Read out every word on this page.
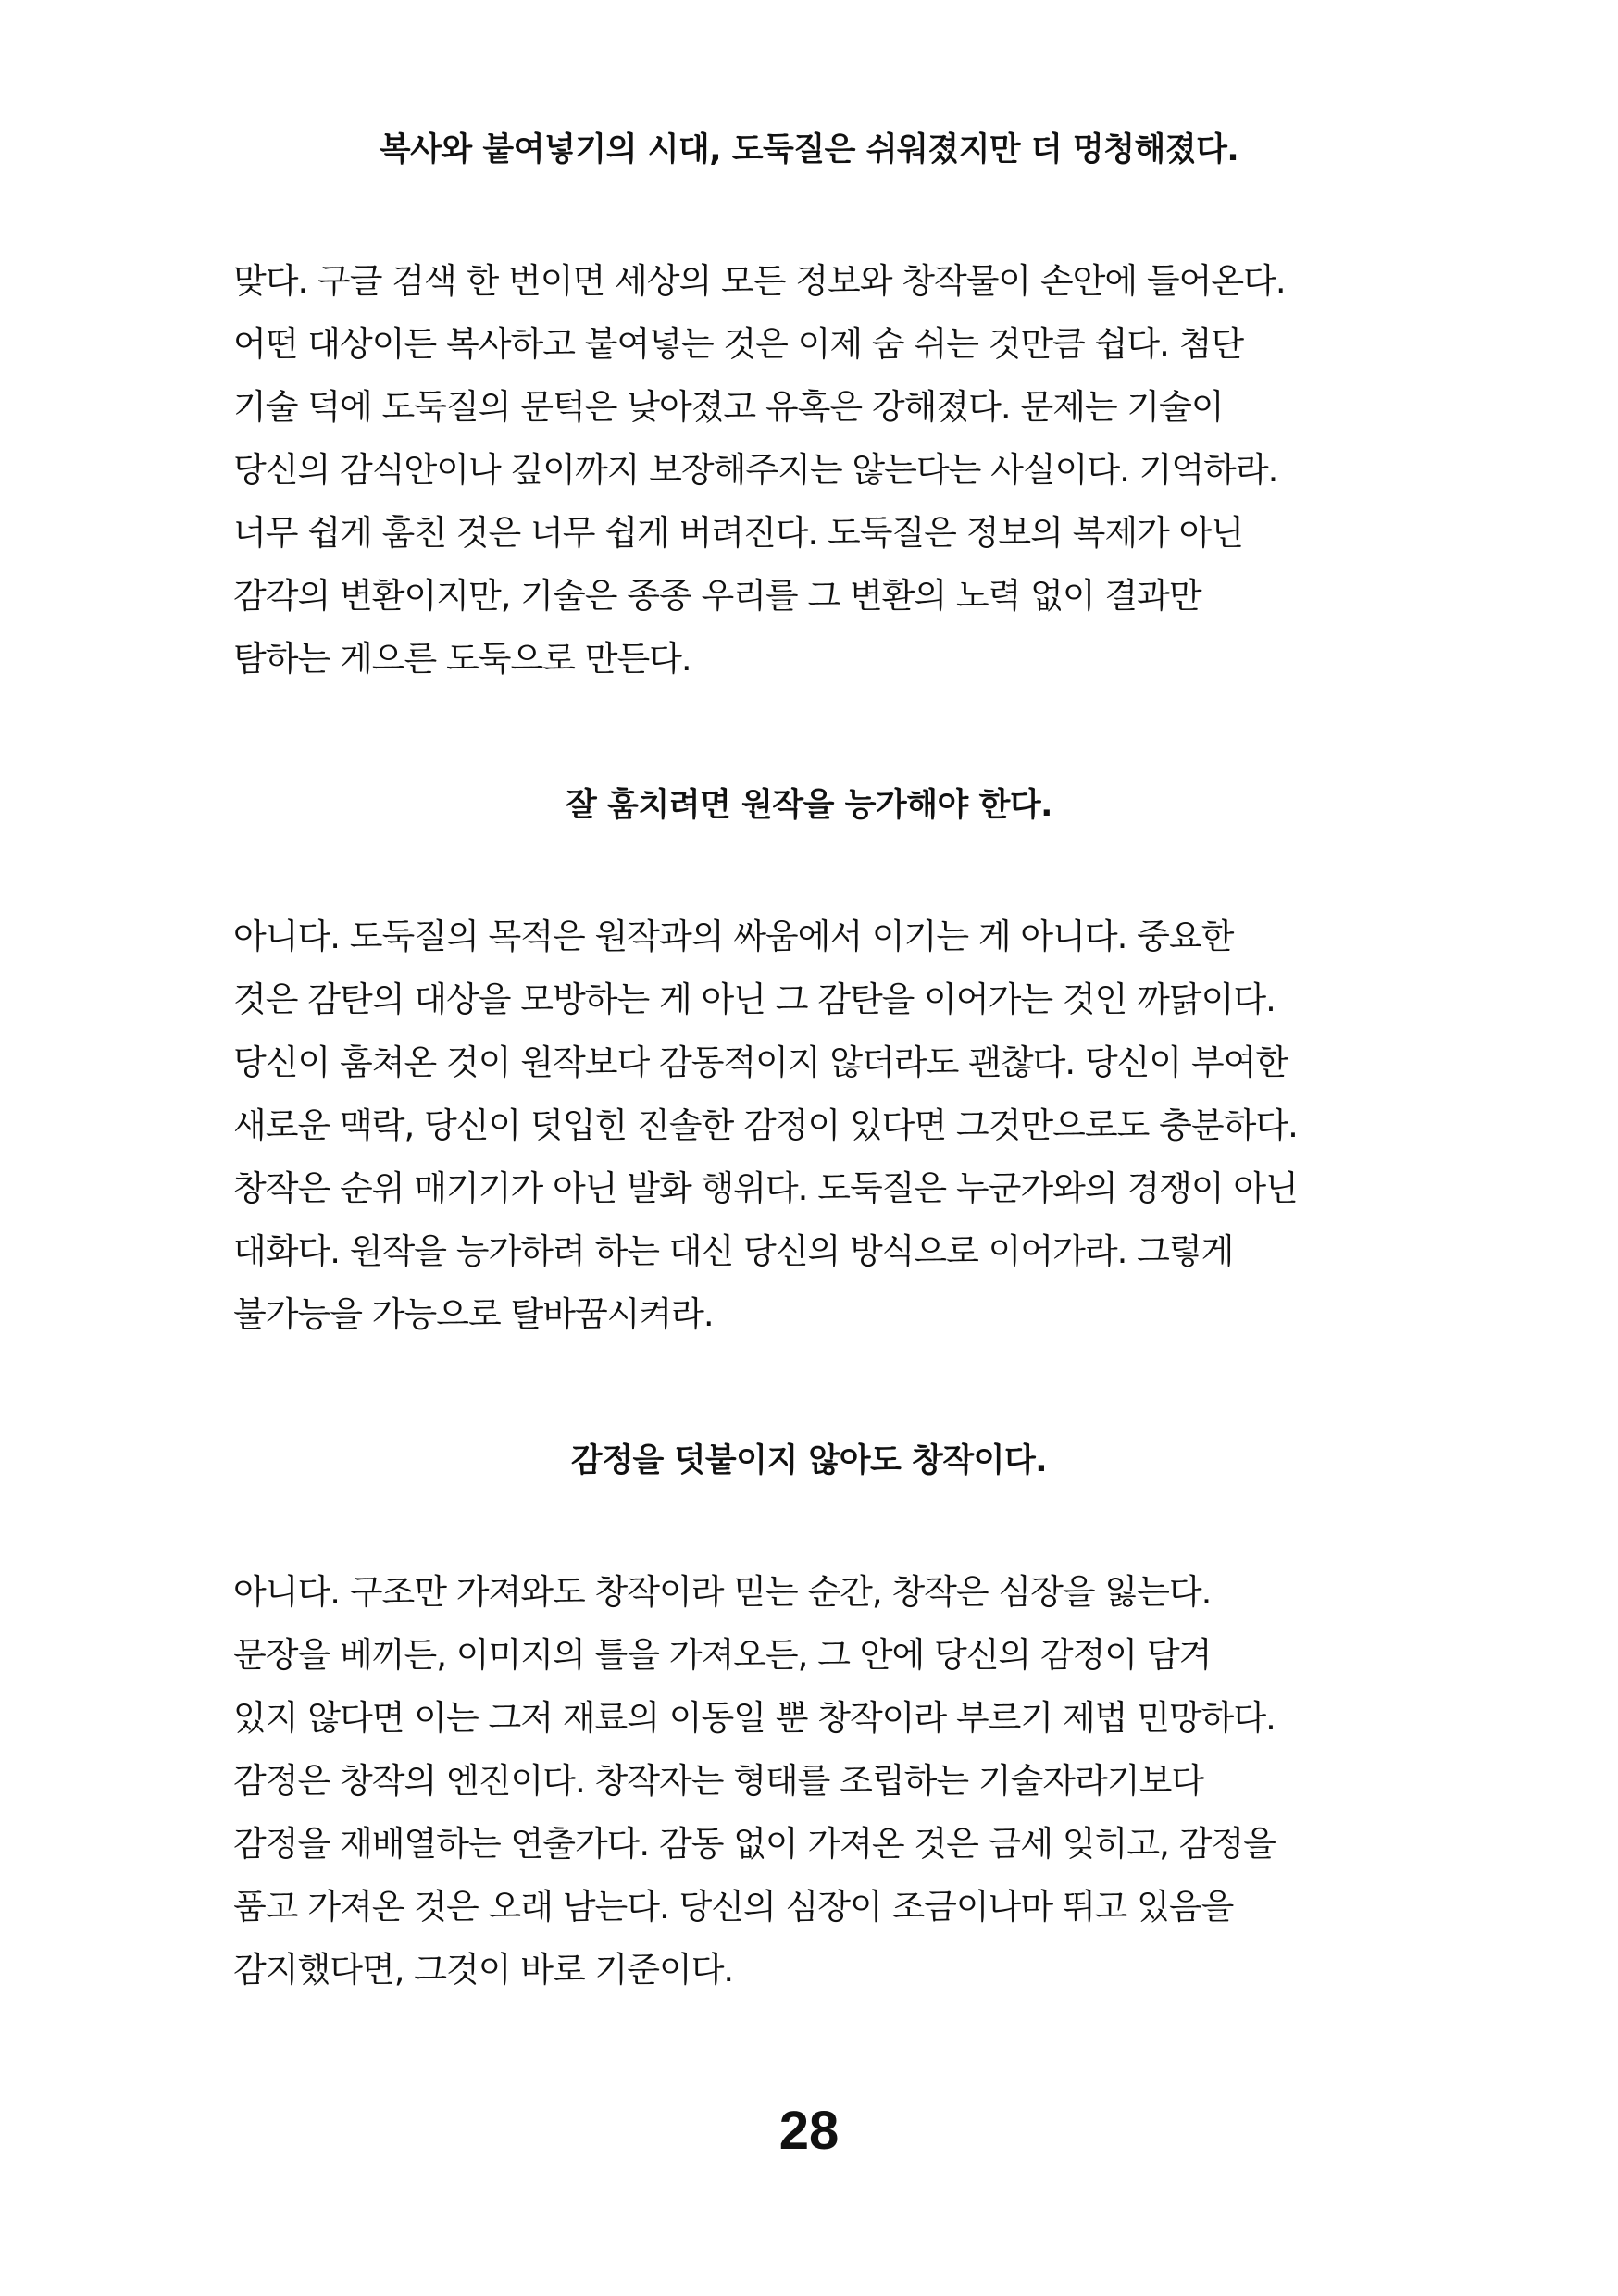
복사와 붙여넣기의 시대, 도둑질은 쉬워졌지만 더 멍청해졌다.
맞다. 구글 검색 한 번이면 세상의 모든 정보와 창작물이 손안에 들어온다.
어떤 대상이든 복사하고 붙여넣는 것은 이제 숨 쉬는 것만큼 쉽다. 첨단
기술 덕에 도둑질의 문턱은 낮아졌고 유혹은 강해졌다. 문제는 기술이
당신의 감식안이나 깊이까지 보장해주지는 않는다는 사실이다. 기억하라.
너무 쉽게 훔친 것은 너무 쉽게 버려진다. 도둑질은 정보의 복제가 아닌
감각의 변환이지만, 기술은 종종 우리를 그 변환의 노력 없이 결과만
탐하는 게으른 도둑으로 만든다.
잘 훔치려면 원작을 능가해야 한다.
아니다. 도둑질의 목적은 원작과의 싸움에서 이기는 게 아니다. 중요한
것은 감탄의 대상을 모방하는 게 아닌 그 감탄을 이어가는 것인 까닭이다.
당신이 훔쳐온 것이 원작보다 감동적이지 않더라도 괜찮다. 당신이 부여한
새로운 맥락, 당신이 덧입힌 진솔한 감정이 있다면 그것만으로도 충분하다.
창작은 순위 매기기가 아닌 발화 행위다. 도둑질은 누군가와의 경쟁이 아닌
대화다. 원작을 능가하려 하는 대신 당신의 방식으로 이어가라. 그렇게
불가능을 가능으로 탈바꿈시켜라.
감정을 덧붙이지 않아도 창작이다.
아니다. 구조만 가져와도 창작이라 믿는 순간, 창작은 심장을 잃는다.
문장을 베끼든, 이미지의 틀을 가져오든, 그 안에 당신의 감정이 담겨
있지 않다면 이는 그저 재료의 이동일 뿐 창작이라 부르기 제법 민망하다.
감정은 창작의 엔진이다. 창작자는 형태를 조립하는 기술자라기보다
감정을 재배열하는 연출가다. 감동 없이 가져온 것은 금세 잊히고, 감정을
품고 가져온 것은 오래 남는다. 당신의 심장이 조금이나마 뛰고 있음을
감지했다면, 그것이 바로 기준이다.
28
